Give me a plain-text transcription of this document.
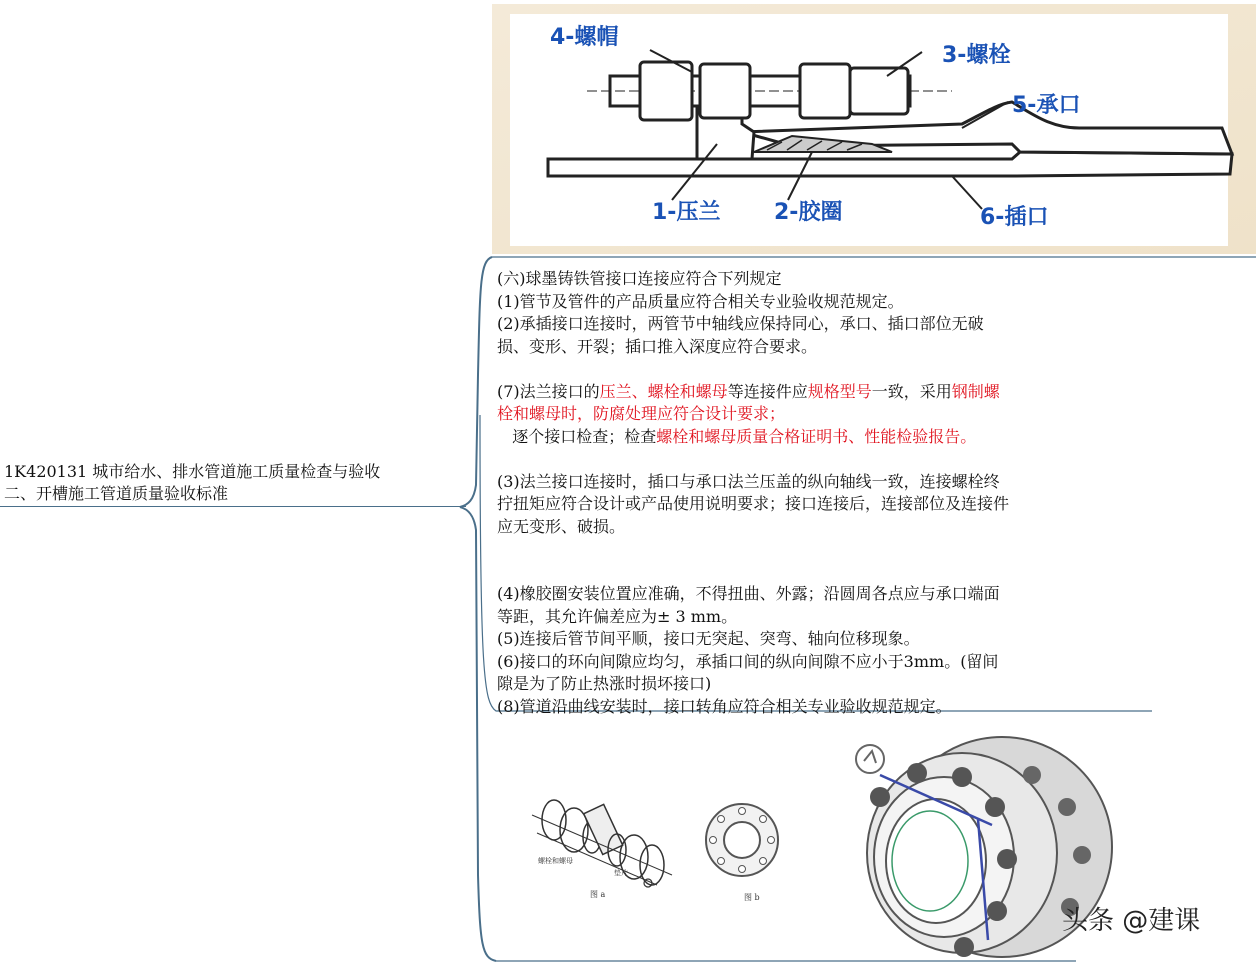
1K420131 城市给水、排水管道施工质量检查与验收
二、开槽施工管道质量验收标准
4-螺帽
3-螺栓
5-承口
1-压兰 2-胶圈	6-插口
(六)球墨铸铁管接口连接应符合下列规定
(1)管节及管件的产品质量应符合相关专业验收规范规定。
(2)承插接口连接时，两管节中轴线应保持同心，承口、插口部位无破
损、变形、开裂；插口推入深度应符合要求。
(7)法兰接口的压兰、螺栓和螺母等连接件应规格型号一致，采用钢制螺
栓和螺母时，防腐处理应符合设计要求；
逐个接口检查；检查螺栓和螺母质量合格证明书、性能检验报告。
(3)法兰接口连接时，插口与承口法兰压盖的纵向轴线一致，连接螺栓终
拧扭矩应符合设计或产品使用说明要求；接口连接后，连接部位及连接件
应无变形、破损。
(4)橡胶圈安装位置应准确，不得扭曲、外露；沿圆周各点应与承口端面
等距，其允许偏差应为± 3 mm。
(5)连接后管节间平顺，接口无突起、突弯、轴向位移现象。
(6)接口的环向间隙应均匀，承插口间的纵向间隙不应小于3mm。(留间
隙是为了防止热涨时损坏接口)
(8)管道沿曲线安装时，接口转角应符合相关专业验收规范规定。
螺栓和螺母
垫片
图 a	图 b
头条 @建课
